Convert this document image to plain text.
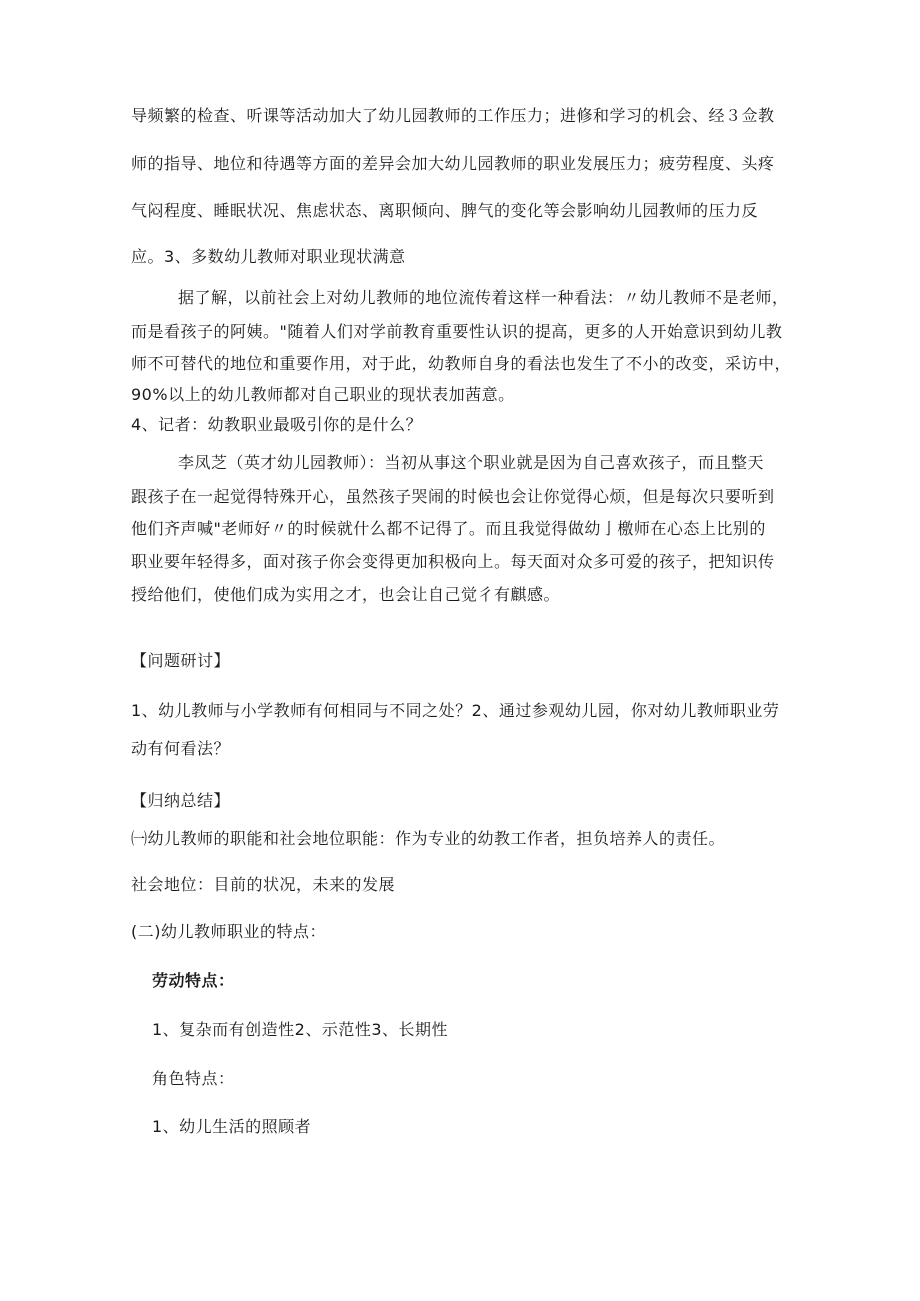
导频繁的检查、听课等活动加大了幼儿园教师的工作压力；进修和学习的机会、经３佥教
师的指导、地位和待遇等方面的差异会加大幼儿园教师的职业发展压力；疲劳程度、头疼
气闷程度、睡眠状况、焦虑状态、离职倾向、脾气的变化等会影响幼儿园教师的压力反
应。3、多数幼儿教师对职业现状满意
据了解，以前社会上对幼儿教师的地位流传着这样一种看法：〃幼儿教师不是老师，
而是看孩子的阿姨。"随着人们对学前教育重要性认识的提高，更多的人开始意识到幼儿教
师不可替代的地位和重要作用，对于此，幼教师自身的看法也发生了不小的改变，采访中，
90%以上的幼儿教师都对自己职业的现状表加茜意。
4、记者：幼教职业最吸引你的是什么？
李凤芝（英才幼儿园教师）：当初从事这个职业就是因为自己喜欢孩子，而且整天
跟孩子在一起觉得特殊开心，虽然孩子哭闹的时候也会让你觉得心烦，但是每次只要听到
他们齐声喊"老师好〃的时候就什么都不记得了。而且我觉得做幼亅檄师在心态上比别的
职业要年轻得多，面对孩子你会变得更加积极向上。每天面对众多可爱的孩子，把知识传
授给他们，使他们成为实用之才，也会让自己觉彳有麒感。
【问题研讨】
1、幼儿教师与小学教师有何相同与不同之处？2、通过参观幼儿园，你对幼儿教师职业劳
动有何看法？
【归纳总结】
㈠幼儿教师的职能和社会地位职能：作为专业的幼教工作者，担负培养人的责任。
社会地位：目前的状况，未来的发展
(二)幼儿教师职业的特点：
劳动特点：
1、复杂而有创造性2、示范性3、长期性
角色特点：
1、幼儿生活的照顾者
